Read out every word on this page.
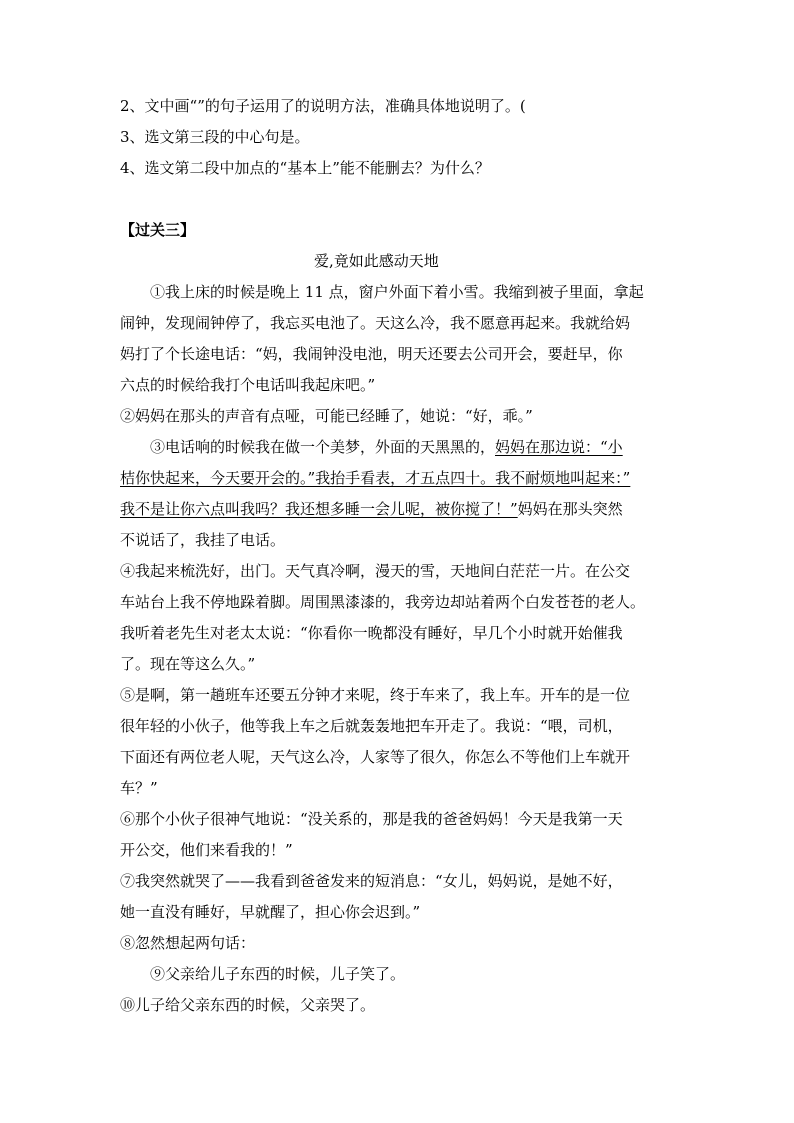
2、文中画“”的句子运用了的说明方法，准确具体地说明了。(
3、选文第三段的中心句是。
4、选文第二段中加点的“基本上”能不能删去？为什么？
【过关三】
爱,竟如此感动天地
①我上床的时候是晚上 11 点，窗户外面下着小雪。我缩到被子里面，拿起
闹钟，发现闹钟停了，我忘买电池了。天这么冷，我不愿意再起来。我就给妈
妈打了个长途电话：“妈，我闹钟没电池，明天还要去公司开会，要赶早，你
六点的时候给我打个电话叫我起床吧。”
②妈妈在那头的声音有点哑，可能已经睡了，她说：“好，乖。”
③电话响的时候我在做一个美梦，外面的天黑黑的，妈妈在那边说：“小
桔你快起来，今天要开会的。”我抬手看表，才五点四十。我不耐烦地叫起来：”
我不是让你六点叫我吗？我还想多睡一会儿呢，被你搅了！”妈妈在那头突然
不说话了，我挂了电话。
④我起来梳洗好，出门。天气真冷啊，漫天的雪，天地间白茫茫一片。在公交
车站台上我不停地跺着脚。周围黑漆漆的，我旁边却站着两个白发苍苍的老人。
我听着老先生对老太太说：“你看你一晚都没有睡好，早几个小时就开始催我
了。现在等这么久。”
⑤是啊，第一趟班车还要五分钟才来呢，终于车来了，我上车。开车的是一位
很年轻的小伙子，他等我上车之后就轰轰地把车开走了。我说：“喂，司机，
下面还有两位老人呢，天气这么冷，人家等了很久，你怎么不等他们上车就开
车？”
⑥那个小伙子很神气地说：“没关系的，那是我的爸爸妈妈！今天是我第一天
开公交，他们来看我的！”
⑦我突然就哭了——我看到爸爸发来的短消息：“女儿，妈妈说，是她不好，
她一直没有睡好，早就醒了，担心你会迟到。”
⑧忽然想起两句话：
⑨父亲给儿子东西的时候，儿子笑了。
⑩儿子给父亲东西的时候，父亲哭了。
